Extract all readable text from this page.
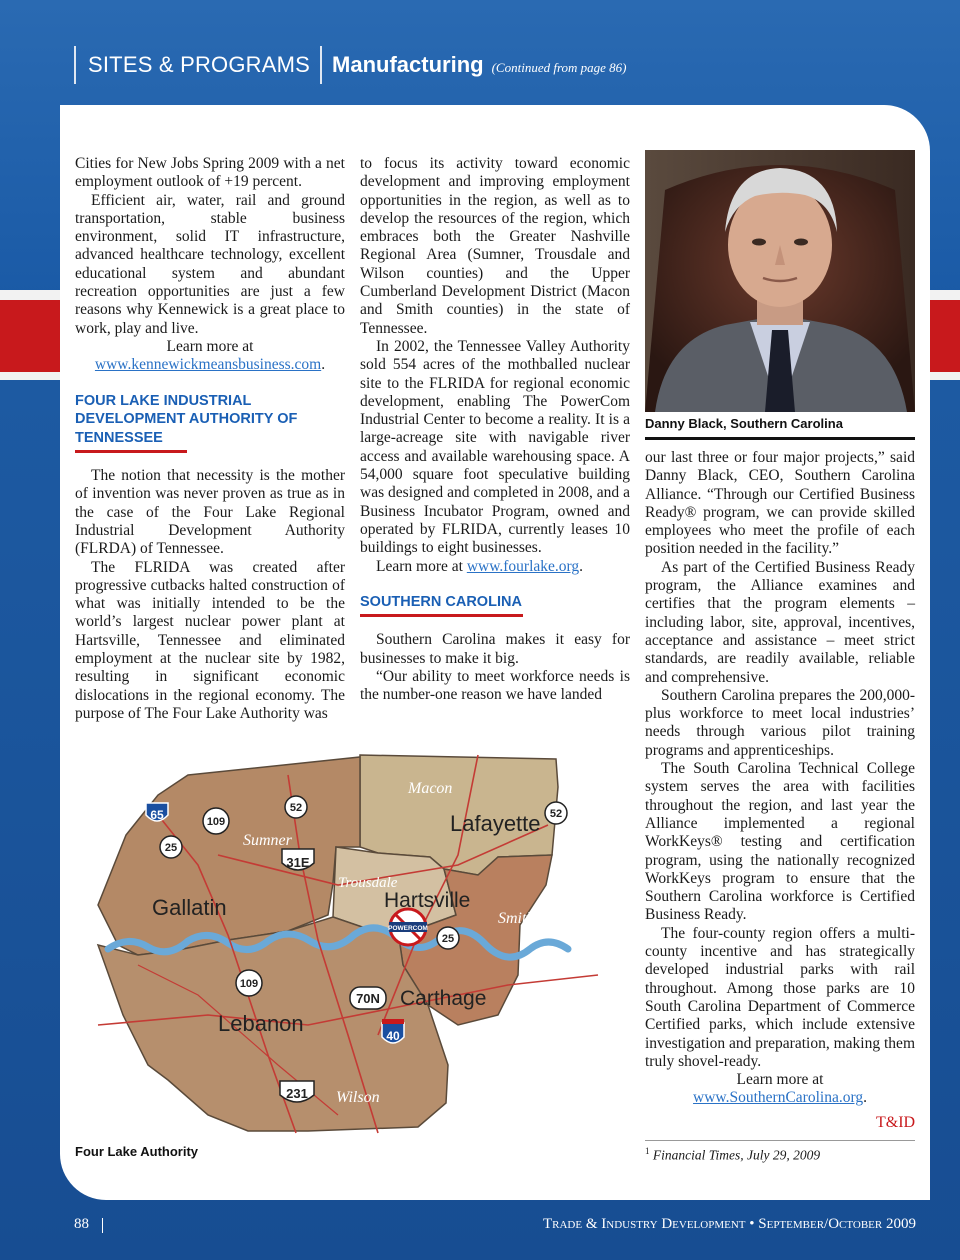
SITES & PROGRAMS	Manufacturing (Continued from page 86)

Cities for New Jobs Spring 2009 with a net employment outlook of +19 percent.

Efficient air, water, rail and ground transportation, stable business environment, solid IT infrastructure, advanced healthcare technology, excellent educational system and abundant recreation opportunities are just a few reasons why Kennewick is a great place to work, play and live.

Learn more at

www.kennewickmeansbusiness.com.

FOUR LAKE INDUSTRIAL DEVELOPMENT AUTHORITY OF TENNESSEE

The notion that necessity is the mother of invention was never proven as true as in the case of the Four Lake Regional Industrial Development Authority (FLRDA) of Tennessee.

The FLRIDA was created after progressive cutbacks halted construction of what was initially intended to be the world’s largest nuclear power plant at Hartsville, Tennessee and eliminated employment at the nuclear site by 1982, resulting in significant economic dislocations in the regional economy. The purpose of The Four Lake Authority was

to focus its activity toward economic development and improving employment opportunities in the region, as well as to develop the resources of the region, which embraces both the Greater Nashville Regional Area (Sumner, Trousdale and Wilson counties) and the Upper Cumberland Development District (Macon and Smith counties) in the state of Tennessee.

In 2002, the Tennessee Valley Authority sold 554 acres of the mothballed nuclear site to the FLRIDA for regional economic development, enabling The PowerCom Industrial Center to become a reality. It is a large-acreage site with navigable river access and available warehousing space. A 54,000 square foot speculative building was designed and completed in 2008, and a Business Incubator Program, owned and operated by FLRIDA, currently leases 10 buildings to eight businesses.

Learn more at www.fourlake.org.

SOUTHERN CAROLINA

Southern Carolina makes it easy for businesses to make it big.

“Our ability to meet workforce needs is the number-one reason we have landed

Danny Black, Southern Carolina

our last three or four major projects,” said Danny Black, CEO, Southern Carolina Alliance. “Through our Certified Business Ready® program, we can provide skilled employees who meet the profile of each position needed in the facility.”

As part of the Certified Business Ready program, the Alliance examines and certifies that the program elements – including labor, site, approval, incentives, acceptance and assistance – meet strict standards, are readily available, reliable and comprehensive.

Southern Carolina prepares the 200,000-plus workforce to meet local industries’ needs through various pilot training programs and apprenticeships.

The South Carolina Technical College system serves the area with facilities throughout the region, and last year the Alliance implemented a regional WorkKeys® testing and certification program, using the nationally recognized WorkKeys program to ensure that the Southern Carolina workforce is Certified Business Ready.

The four-county region offers a multi-county incentive and has strategically developed industrial parks with rail throughout. Among those parks are 10 South Carolina Department of Commerce Certified parks, which include extensive investigation and preparation, making them truly shovel-ready.

Learn more at

www.SouthernCarolina.org.

T&ID
$^1$ Financial Times, July 29, 2009
POWERCOM
Macon
Sumner
Trousdale
Smith
Wilson
Lafayette
Gallatin	Hartsville
Carthage
Lebanon
65	109
52
25
31E
52
25
109
70N
40
231
Four Lake Authority
88	Trade & Industry Development • September/October 2009
